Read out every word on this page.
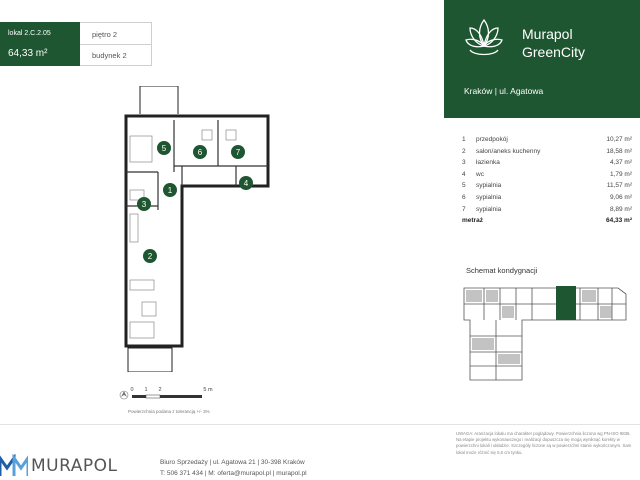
lokal 2.C.2.05
64,33 m²
piętro 2
budynek 2
Murapol
GreenCity
Kraków | ul. Agatowa
1 przedpokój	10,27 m²
2 salon/aneks kuchenny	18,58 m²
3 łazienka	4,37 m²
4 wc	1,79 m²
5 sypialnia	11,57 m²
6 sypialnia	9,06 m²
7 sypialnia	8,89 m²
metraż	64,33 m²
Schemat kondygnacji
5	6	7
1
4
3
2
0 1 2	5 m
Powierzchnia podana z tolerancją +/- 3%
MURAPOL	Biuro Sprzedaży | ul. Agatowa 21 | 30-398 Kraków
T: 506 371 434 | M: oferta@murapol.pl | murapol.pl
UWAGA: Aranżacja lokalu ma charakter poglądowy. Powierzchnia liczona wg PN-ISO 9836. Na etapie projektu wykonawczego i realizacji dopuszcza się mogą wyniknąć korekty w powierzchni lokali i układzie. Szczegóły liczone są w powierzchni stanie wykończonym. Sam lokal może różnić się 5,5 cm tynku.
